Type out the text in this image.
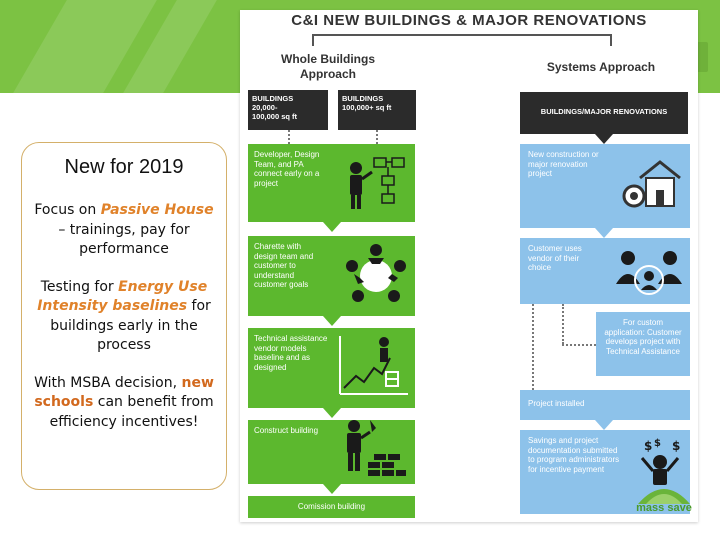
New for 2019

Focus on Passive House – trainings, pay for performance

Testing for Energy Use Intensity baselines for buildings early in the process

With MSBA decision, new schools can benefit from efficiency incentives!

C&I NEW BUILDINGS & MAJOR RENOVATIONS
Whole Buildings
Approach	Systems Approach
BUILDINGS
20,000-
100,000 sq ft
BUILDINGS
100,000+ sq ft	BUILDINGS/MAJOR RENOVATIONS
Developer, Design Team, and PA connect early on a project
Charette with design team and customer to understand customer goals
Technical assistance vendor models baseline and as designed
Construct building
Comission building
New construction or major renovation project
Customer uses vendor of their choice
For custom application: Customer develops project with Technical Assistance
Project installed
Savings and project documentation submitted to program administrators for incentive payment
$ $ $
mass save
